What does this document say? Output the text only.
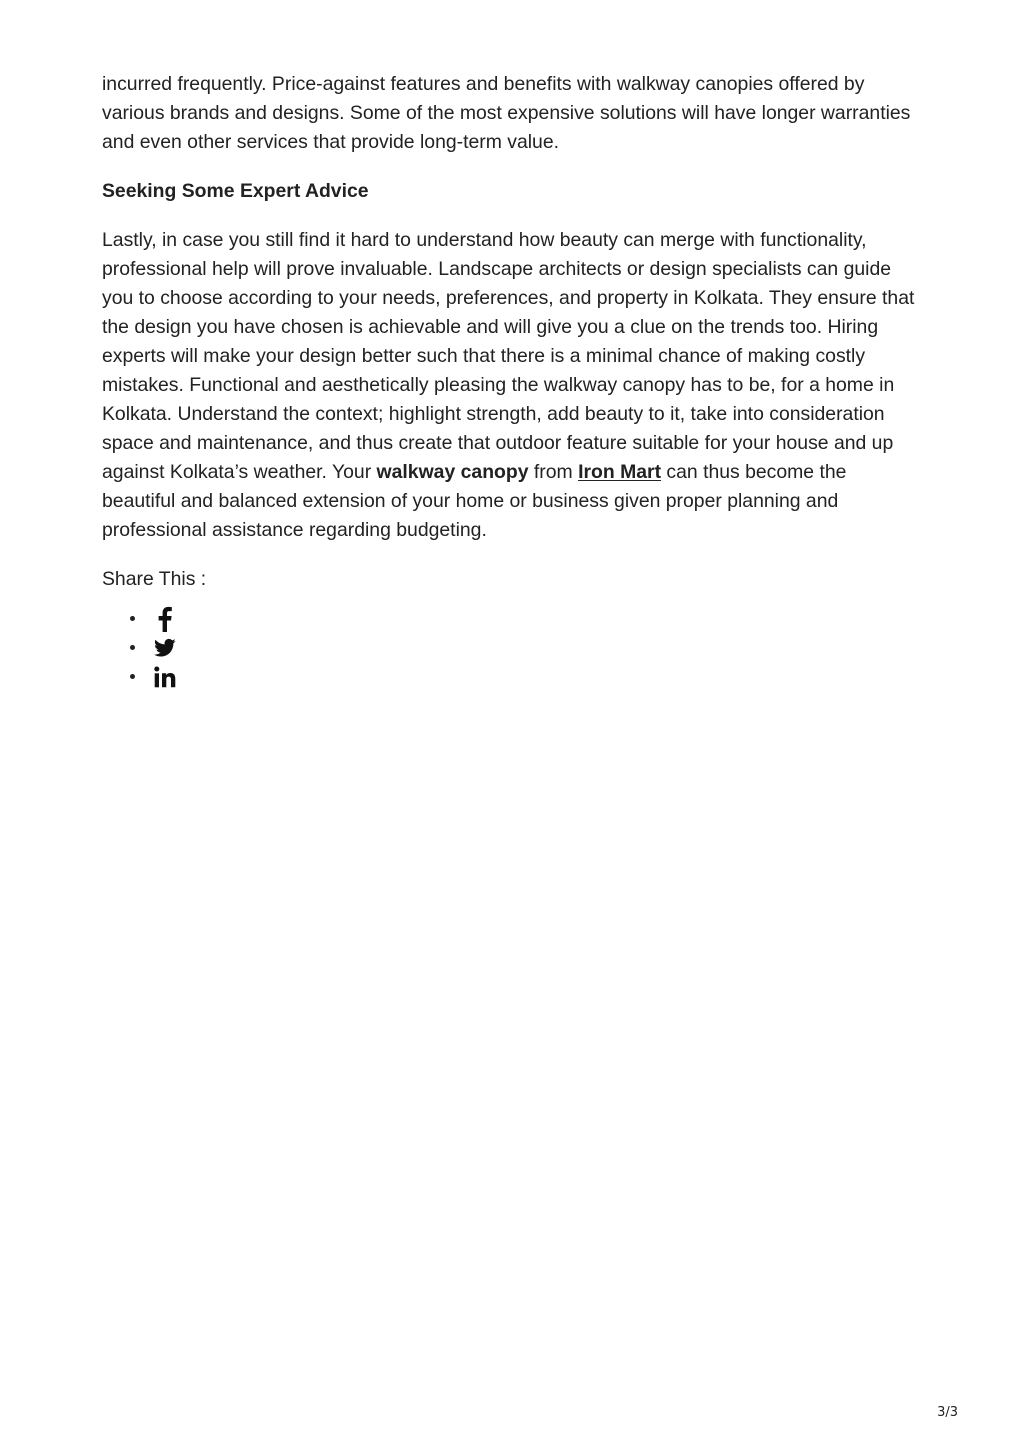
incurred frequently. Price-against features and benefits with walkway canopies offered by various brands and designs. Some of the most expensive solutions will have longer warranties and even other services that provide long-term value.

Seeking Some Expert Advice

Lastly, in case you still find it hard to understand how beauty can merge with functionality, professional help will prove invaluable. Landscape architects or design specialists can guide you to choose according to your needs, preferences, and property in Kolkata. They ensure that the design you have chosen is achievable and will give you a clue on the trends too. Hiring experts will make your design better such that there is a minimal chance of making costly mistakes. Functional and aesthetically pleasing the walkway canopy has to be, for a home in Kolkata. Understand the context; highlight strength, add beauty to it, take into consideration space and maintenance, and thus create that outdoor feature suitable for your house and up against Kolkata’s weather. Your walkway canopy from Iron Mart can thus become the beautiful and balanced extension of your home or business given proper planning and professional assistance regarding budgeting.

Share This :

3/3
